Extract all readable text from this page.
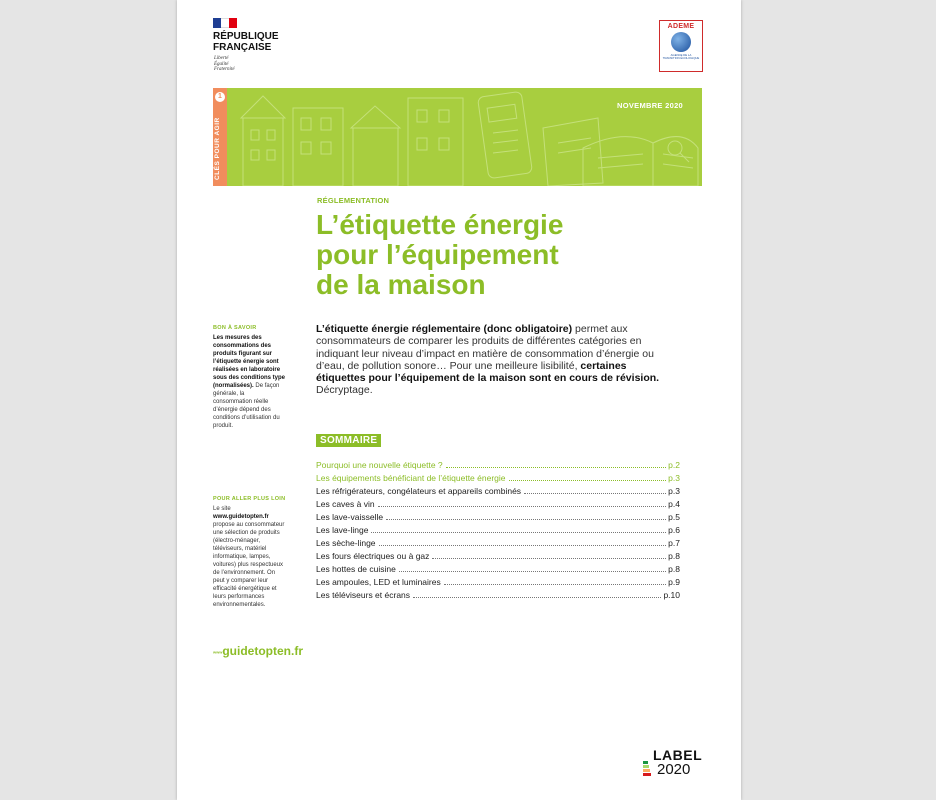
RÉPUBLIQUE
FRANÇAISE
Liberté
Égalité
Fraternité
ADEME
AGENCE DE LA TRANSITION ÉCOLOGIQUE
1
CLÉS POUR AGIR
NOVEMBRE 2020
RÉGLEMENTATION
L’étiquette énergie
pour l’équipement
de la maison
BON À SAVOIR
Les mesures des consommations des produits figurant sur l’étiquette énergie sont réalisées en laboratoire sous des conditions type (normalisées). De façon générale, la consommation réelle d’énergie dépend des conditions d’utilisation du produit.
POUR ALLER PLUS LOIN
Le site www.guidetopten.fr propose au consommateur une sélection de produits (électro-ménager, téléviseurs, matériel informatique, lampes, voitures) plus respectueux de l’environnement. On peut y comparer leur efficacité énergétique et leurs performances environnementales.
wwwguidetopten.fr
L’étiquette énergie réglementaire (donc obligatoire) permet aux consommateurs de comparer les produits de différentes catégories en indiquant leur niveau d’impact en matière de consommation d’énergie ou d’eau, de pollution sonore… Pour une meilleure lisibilité, certaines étiquettes pour l’équipement de la maison sont en cours de révision. Décryptage.
SOMMAIRE
Pourquoi une nouvelle étiquette ?	p.2
Les équipements bénéficiant de l’étiquette énergie	p.3
Les réfrigérateurs, congélateurs et appareils combinés	p.3
Les caves à vin	p.4
Les lave-vaisselle	p.5
Les lave-linge	p.6
Les sèche-linge	p.7
Les fours électriques ou à gaz	p.8
Les hottes de cuisine	p.8
Les ampoules, LED et luminaires	p.9
Les téléviseurs et écrans	p.10
LABEL
2020
